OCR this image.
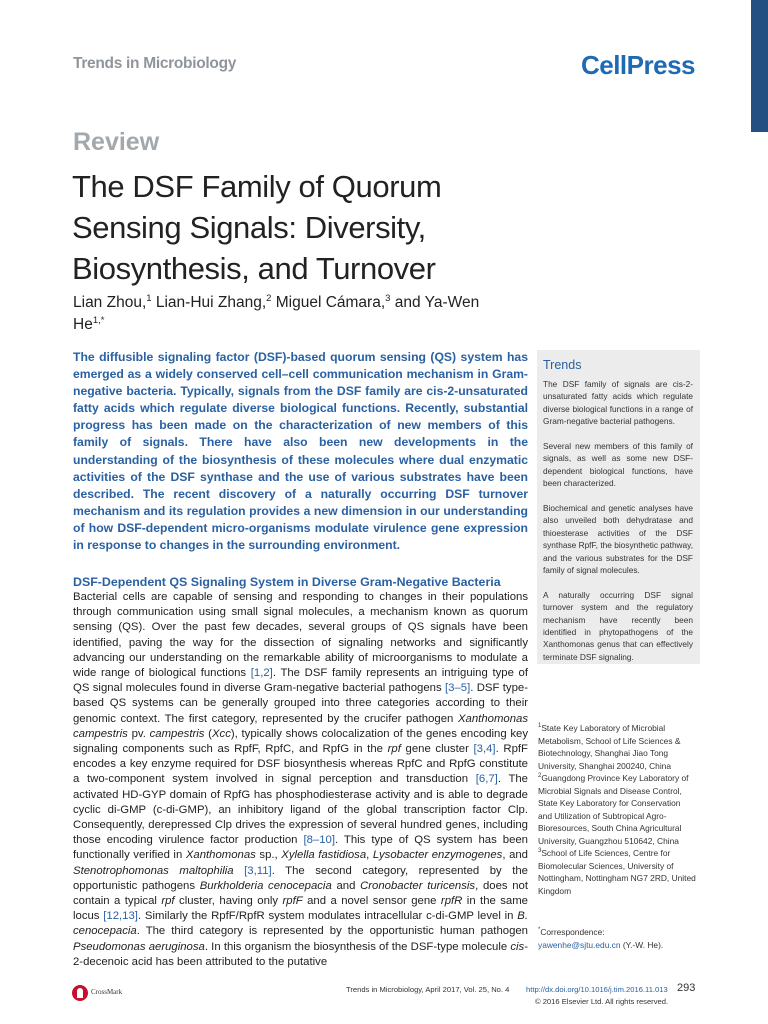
Trends in Microbiology	CellPress
Review
The DSF Family of Quorum
Sensing Signals: Diversity,
Biosynthesis, and Turnover
Lian Zhou,$^1$ Lian-Hui Zhang,$^2$ Miguel Cámara,$^3$ and Ya-Wen $He^{1,*}$
The diffusible signaling factor (DSF)-based quorum sensing (QS) system has emerged as a widely conserved cell–cell communication mechanism in Gram-negative bacteria. Typically, signals from the DSF family are cis-2-unsaturated fatty acids which regulate diverse biological functions. Recently, substantial progress has been made on the characterization of new members of this family of signals. There have also been new developments in the understanding of the biosynthesis of these molecules where dual enzymatic activities of the DSF synthase and the use of various substrates have been described. The recent discovery of a naturally occurring DSF turnover mechanism and its regulation provides a new dimension in our understanding of how DSF-dependent micro-organisms modulate virulence gene expression in response to changes in the surrounding environment.
DSF-Dependent QS Signaling System in Diverse Gram-Negative Bacteria
Bacterial cells are capable of sensing and responding to changes in their populations through communication using small signal molecules, a mechanism known as quorum sensing (QS). Over the past few decades, several groups of QS signals have been identified, paving the way for the dissection of signaling networks and significantly advancing our understanding on the remarkable ability of microorganisms to modulate a wide range of biological functions [1,2]. The DSF family represents an intriguing type of QS signal molecules found in diverse Gram-negative bacterial pathogens [3–5]. DSF type-based QS systems can be generally grouped into three categories according to their genomic context. The first category, represented by the crucifer pathogen Xanthomonas campestris pv. campestris (Xcc), typically shows colocalization of the genes encoding key signaling components such as RpfF, RpfC, and RpfG in the rpf gene cluster [3,4]. RpfF encodes a key enzyme required for DSF biosynthesis whereas RpfC and RpfG constitute a two-component system involved in signal perception and transduction [6,7]. The activated HD-GYP domain of RpfG has phosphodiesterase activity and is able to degrade cyclic di-GMP (c-di-GMP), an inhibitory ligand of the global transcription factor Clp. Consequently, derepressed Clp drives the expression of several hundred genes, including those encoding virulence factor production [8–10]. This type of QS system has been functionally verified in Xanthomonas sp., Xylella fastidiosa, Lysobacter enzymogenes, and Stenotrophomonas maltophilia [3,11]. The second category, represented by the opportunistic pathogens Burkholderia cenocepacia and Cronobacter turicensis, does not contain a typical rpf cluster, having only rpfF and a novel sensor gene rpfR in the same locus [12,13]. Similarly the RpfF/RpfR system modulates intracellular c-di-GMP level in B. cenocepacia. The third category is represented by the opportunistic human pathogen Pseudomonas aeruginosa. In this organism the biosynthesis of the DSF-type molecule cis-2-decenoic acid has been attributed to the putative
Trends

The DSF family of signals are cis-2-unsaturated fatty acids which regulate diverse biological functions in a range of Gram-negative bacterial pathogens.

Several new members of this family of signals, as well as some new DSF-dependent biological functions, have been characterized.

Biochemical and genetic analyses have also unveiled both dehydratase and thioesterase activities of the DSF synthase RpfF, the biosynthetic pathway, and the various substrates for the DSF family of signal molecules.

A naturally occurring DSF signal turnover system and the regulatory mechanism have recently been identified in phytopathogens of the Xanthomonas genus that can effectively terminate DSF signaling.

$^1$State Key Laboratory of Microbial Metabolism, School of Life Sciences & Biotechnology, Shanghai Jiao Tong University, Shanghai 200240, China

$^2$Guangdong Province Key Laboratory of Microbial Signals and Disease Control, State Key Laboratory for Conservation and Utilization of Subtropical Agro-Bioresources, South China Agricultural University, Guangzhou 510642, China

$^3$School of Life Sciences, Centre for Biomolecular Sciences, University of Nottingham, Nottingham NG7 2RD, United Kingdom

*Correspondence:
yawenhe@sjtu.edu.cn (Y.-W. He).
CrossMark	Trends in Microbiology, April 2017, Vol. 25, No. 4 http://dx.doi.org/10.1016/j.tim.2016.11.013 293
© 2016 Elsevier Ltd. All rights reserved.
